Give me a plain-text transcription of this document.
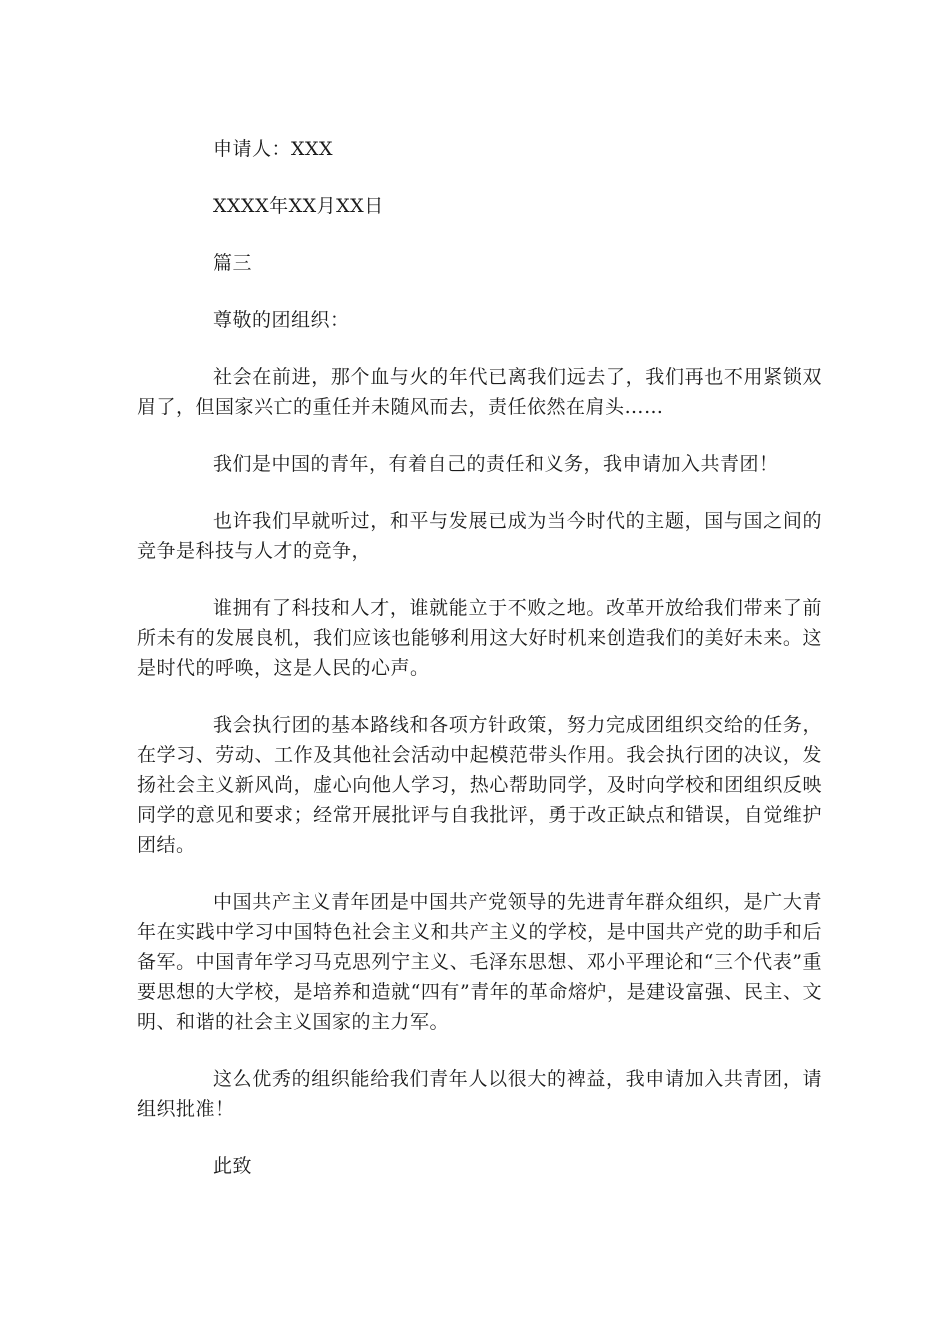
申请人：XXX

XXXX年XX月XX日

篇三

尊敬的团组织：

社会在前进，那个血与火的年代已离我们远去了，我们再也不用紧锁双眉了，但国家兴亡的重任并未随风而去，责任依然在肩头……

我们是中国的青年，有着自己的责任和义务，我申请加入共青团！

也许我们早就听过，和平与发展已成为当今时代的主题，国与国之间的竞争是科技与人才的竞争，

谁拥有了科技和人才，谁就能立于不败之地。改革开放给我们带来了前所未有的发展良机，我们应该也能够利用这大好时机来创造我们的美好未来。这是时代的呼唤，这是人民的心声。

我会执行团的基本路线和各项方针政策，努力完成团组织交给的任务，在学习、劳动、工作及其他社会活动中起模范带头作用。我会执行团的决议，发扬社会主义新风尚，虚心向他人学习，热心帮助同学，及时向学校和团组织反映同学的意见和要求；经常开展批评与自我批评，勇于改正缺点和错误，自觉维护团结。

中国共产主义青年团是中国共产党领导的先进青年群众组织，是广大青年在实践中学习中国特色社会主义和共产主义的学校，是中国共产党的助手和后备军。中国青年学习马克思列宁主义、毛泽东思想、邓小平理论和“三个代表”重要思想的大学校，是培养和造就“四有”青年的革命熔炉，是建设富强、民主、文明、和谐的社会主义国家的主力军。

这么优秀的组织能给我们青年人以很大的裨益，我申请加入共青团，请组织批准！

此致
